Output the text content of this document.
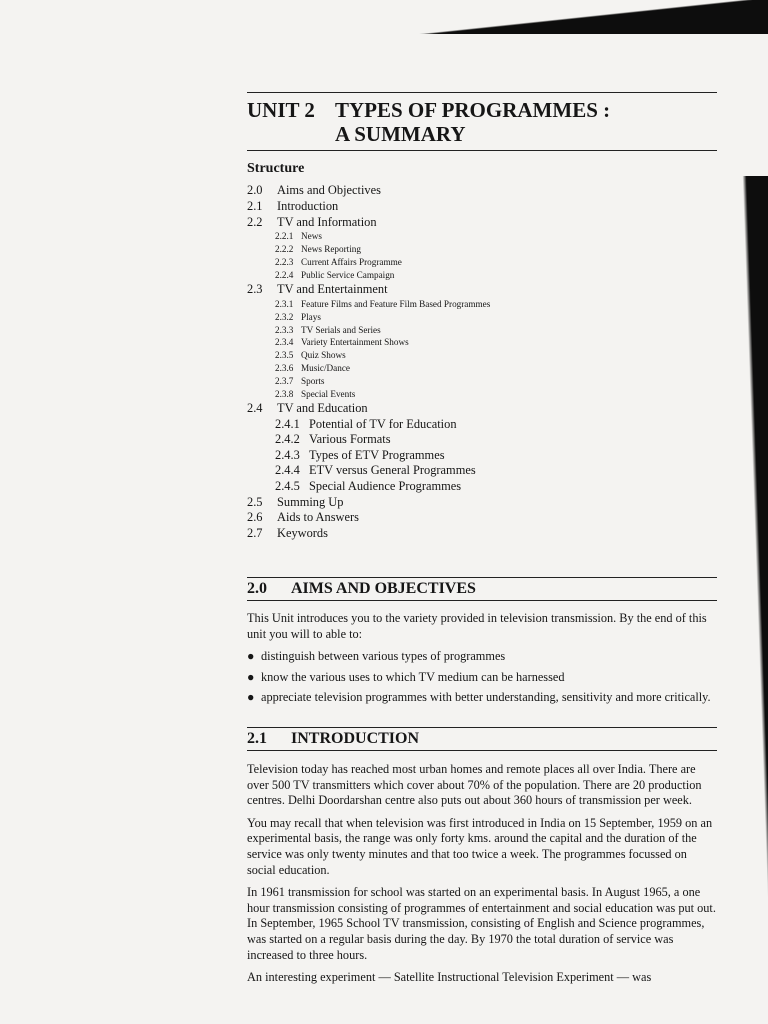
UNIT 2 TYPES OF PROGRAMMES :
A SUMMARY
Structure
2.0 Aims and Objectives
2.1 Introduction
2.2 TV and Information
2.2.1 News
2.2.2 News Reporting
2.2.3 Current Affairs Programme
2.2.4 Public Service Campaign
2.3 TV and Entertainment
2.3.1 Feature Films and Feature Film Based Programmes
2.3.2 Plays
2.3.3 TV Serials and Series
2.3.4 Variety Entertainment Shows
2.3.5 Quiz Shows
2.3.6 Music/Dance
2.3.7 Sports
2.3.8 Special Events
2.4 TV and Education
2.4.1 Potential of TV for Education
2.4.2 Various Formats
2.4.3 Types of ETV Programmes
2.4.4 ETV versus General Programmes
2.4.5 Special Audience Programmes
2.5 Summing Up
2.6 Aids to Answers
2.7 Keywords
2.0 AIMS AND OBJECTIVES

This Unit introduces you to the variety provided in television transmission. By the end of this unit you will to able to:

● distinguish between various types of programmes
● know the various uses to which TV medium can be harnessed
● appreciate television programmes with better understanding, sensitivity and more critically.
2.1 INTRODUCTION

Television today has reached most urban homes and remote places all over India. There are over 500 TV transmitters which cover about 70% of the population. There are 20 production centres. Delhi Doordarshan centre also puts out about 360 hours of transmission per week.

You may recall that when television was first introduced in India on 15 September, 1959 on an experimental basis, the range was only forty kms. around the capital and the duration of the service was only twenty minutes and that too twice a week. The programmes focussed on social education.

In 1961 transmission for school was started on an experimental basis. In August 1965, a one hour transmission consisting of programmes of entertainment and social education was put out. In September, 1965 School TV transmission, consisting of English and Science programmes, was started on a regular basis during the day. By 1970 the total duration of service was increased to three hours.

An interesting experiment — Satellite Instructional Television Experiment — was
